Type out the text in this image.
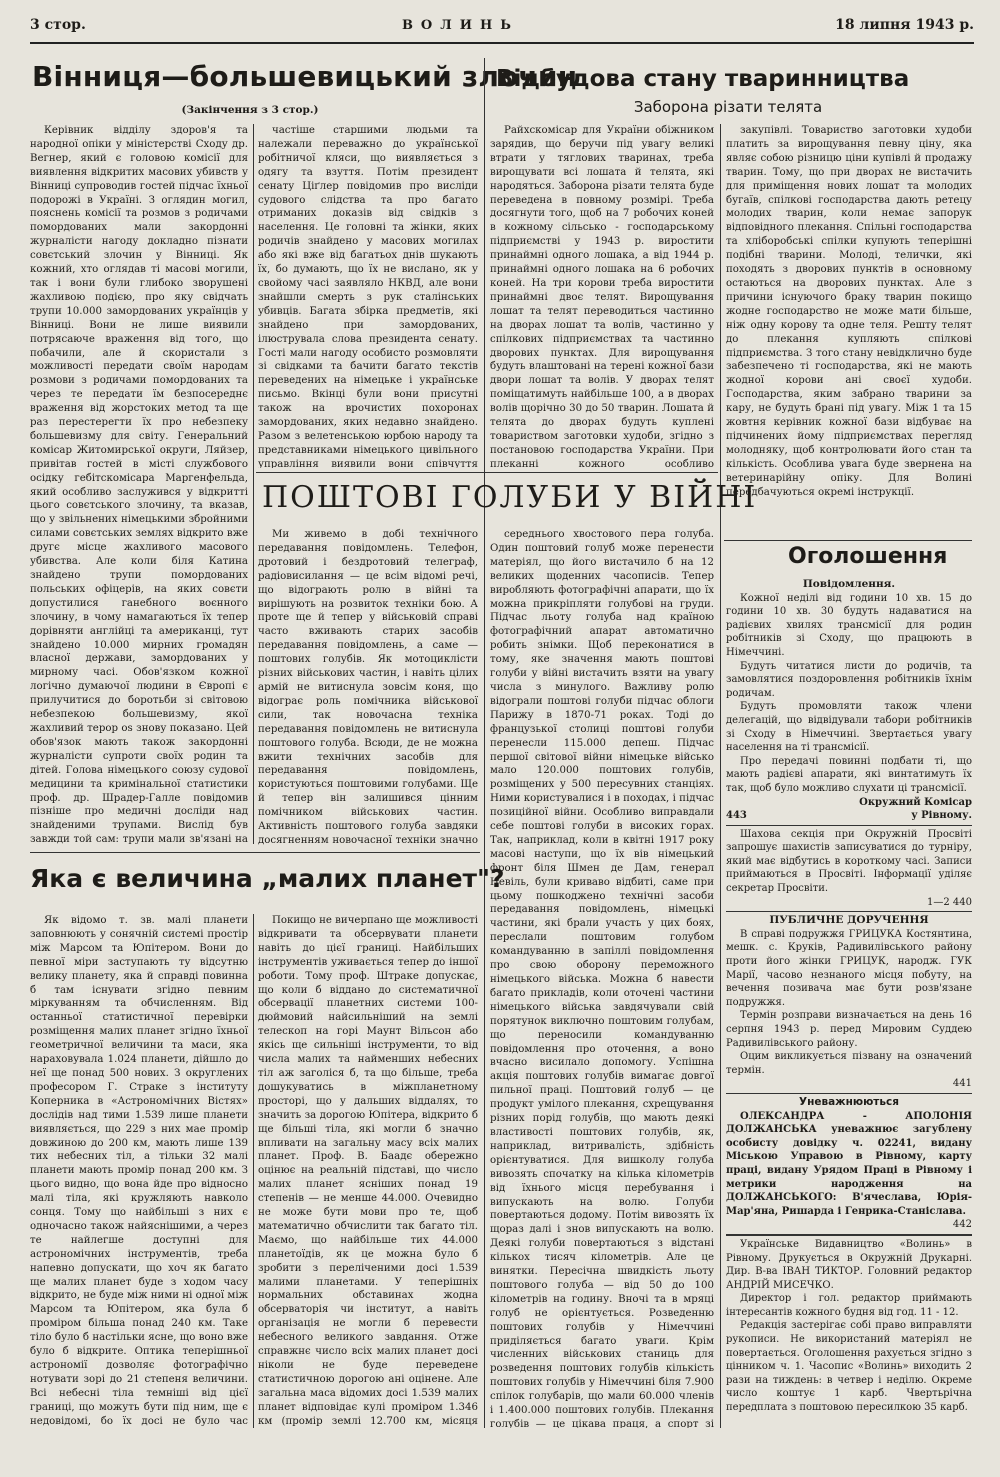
3 стор.	ВОЛИНЬ	18 липня 1943 р.
Вінниця—большевицький злочин
(Закінчення з 3 стор.)

Керівник відділу здоров'я та народної опіки у міністерстві Сходу др. Вегнер, який є головою комісії для виявлення відкритих масових убивств у Вінниці супроводив гостей підчас їхньої подорожі в Україні. З оглядин могил, пояснень комісії та розмов з родичами помордованих мали закордонні журналісти нагоду докладно пізнати совєтський злочин у Вінниці. Як кожний, хто оглядав ті масові могили, так і вони були глибоко зворушені жахливою подією, про яку свідчать трупи 10.000 замордованих українців у Вінниці. Вони не лише виявили потрясаюче враження від того, що побачили, але й скористали з можливості передати своїм народам розмови з родичами помордованих та через те передати їм безпосереднє враження від жорстоких метод та ще раз перестерегти їх про небезпеку большевизму для світу. Генеральний комісар Житомирської округи, Ляйзер, привітав гостей в місті службового осідку гебітскомісара Маргенфельда, який особливо заслужився у відкритті цього совєтського злочину, та вказав, що у звільнених німецькими збройними силами совєтських землях відкрито вже другє місце жахливого масового убивства. Але коли біля Катина знайдено трупи помордованих польських офіцерів, на яких совєти допустилися ганебного воєнного злочину, в чому намагаються їх тепер дорівняти англійці та американці, тут знайдено 10.000 мирних громадян власної держави, замордованих у мирному часі. Обов'язком кожної логічно думаючої людини в Європі є прилучитися до боротьби зі світовою небезпекою большевизму, якої жахливий терор os знову показано. Цей обов'язок мають також закордонні журналісти супроти своїх родин та дітей. Голова німецького союзу судової медицини та кримінальної статистики проф. др. Шрадер-Галле повідомив пізніше про медичні досліди над знайденими трупами. Вислід був завжди той сам: трупи мали зв'язані на

частіше старшими людьми та належали переважно до української робітничої кляси, що виявляється з одягу та взуття. Потім президент сенату Ціґлер повідомив про висліди судового слідства та про багато отриманих доказів від свідків з населення. Це головні та жінки, яких родичів знайдено у масових могилах або які вже від багатьох днів шукають їх, бо думають, що їх не вислано, як у свойому часі заявляло НКВД, але вони знайшли смерть з рук сталінських убивців. Багата збірка предметів, які знайдено при замордованих, ілюструвала слова президента сенату. Гості мали нагоду особисто розмовляти зі свідками та бачити багато текстів переведених на німецьке і українське письмо. Вкінці були вони присутні також на врочистих похоронах замордованих, яких недавно знайдено. Разом з велетенською юрбою народу та представниками німецького цивільного управління виявили вони співчуття

Відбудова стану тваринництва
Заборона різати телята

Райхскомісар для України обіжником зарядив, що беручи під увагу великі втрати у тяглових тваринах, треба вирощувати всі лошата й телята, які народяться. Заборона різати телята буде переведена в повному розмірі. Треба досягнути того, щоб на 7 робочих коней в кожному сільсько - господарському підприємстві у 1943 р. виростити принаймні одного лошака, а від 1944 р. принаймні одного лошака на 6 робочих коней. На три корови треба виростити принаймні двоє телят. Вирощування лошат та телят переводиться частинно на дворах лошат та волів, частинно у спілкових підприємствах та частинно дворових пунктах. Для вирощування будуть влаштовані на терені кожної бази двори лошат та волів. У дворах телят поміщатимуть найбільше 100, а в дворах волів щорічно 30 до 50 тварин. Лошата й телята до дворах будуть куплені товариством заготовки худоби, згідно з постановою господарства України. При плеканні кожного особливо

закупівлі. Товариство заготовки худоби платить за вирощування певну ціну, яка являє собою різницю ціни купівлі й продажу тварин. Тому, що при дворах не вистачить для приміщення нових лошат та молодих бугаїв, спілкові господарства дають ретецу молодих тварин, коли немає запорук відповідного плекання. Спільні господарства та хліборобські спілки купують теперішні подібні тварини. Молоді, телички, які походять з дворових пунктів в основному остаються на дворових пунктах. Але з причини існуючого браку тварин покищо жодне господарство не може мати більше, ніж одну корову та одне теля. Решту телят до плекання купляють спілкові підприємства. З того стану невідклично буде забезпечено ті господарства, які не мають жодної корови ані своєї худоби. Господарства, яким забрано тварини за кару, не будуть брані під увагу. Між 1 та 15 жовтня керівник кожної бази відбуває на підчинених йому підприємствах перегляд молодняку, щоб контролювати його стан та кількість. Особлива увага буде звернена на ветеринарійну опіку. Для Волині передбачуються окремі інструкції.

ПОШТОВІ ГОЛУБИ У ВІЙНІ

Ми живемо в добі технічного передавання повідомлень. Телефон, дротовий і бездротовий телеграф, радіовисилання — це всім відомі речі, що відограють ролю в війні та вирішують на розвиток техніки бою. А проте ще й тепер у військовій справі часто вживають старих засобів передавання повідомлень, а саме — поштових голубів. Як мотоциклісти різних військових частин, і навіть цілих армій не витиснула зовсім коня, що відограє роль помічника військової сили, так новочасна техніка передавання повідомлень не витиснула поштового голуба. Всюди, де не можна вжити технічних засобів для передавання повідомлень, користуються поштовими голубами. Ще й тепер він залишився цінним помічником військових частин. Активність поштового голуба завдяки досягненням новочасної техніки значно

середнього хвостового пера голуба. Один поштовий голуб може перенести матеріял, що його вистачило б на 12 великих щоденних часописів. Тепер виробляють фотографічні апарати, що їх можна прикріпляти голубові на груди. Підчас льоту голуба над країною фотографічний апарат автоматично робить знімки. Щоб переконатися в тому, яке значення мають поштові голуби у війні вистачить взяти на увагу числа з минулого. Важливу ролю відограли поштові голуби підчас облоги Парижу в 1870-71 роках. Тоді до французької столиці поштові голуби перенесли 115.000 депеш. Підчас першої світової війни німецьке військо мало 120.000 поштових голубів, розміщених у 500 пересувних станціях. Ними користувалися і в походах, і підчас позиційної війни. Особливо виправдали себе поштові голуби в високих горах. Так, наприклад, коли в квітні 1917 року масові наступи, що їх вів німецький фронт біля Шмен де Дам, генерал Невіль, були кривавo відбиті, саме при цьому пошкоджено технічні засоби передавання повідомлень, німецькі частини, які брали участь у цих боях, переслали поштовим голубом командуванню в запіллі повідомлення про свою оборону переможного німецького війська. Можна б навести багато прикладів, коли оточені частини німецького війська завдячували свій порятунок виключно поштовим голубам, що переносили командуванню повідомлення про оточення, а воно вчасно висилало допомогу. Успішна акція поштових голубів вимагає довгої пильної праці. Поштовий голуб — це продукт умілого плекання, схрещування різних порід голубів, що мають деякі властивості поштових голубів, як, наприклад, витривалість, здібність орієнтуватися. Для вишколу голуба вивозять спочатку на кілька кілометрів від їхнього місця перебування і випускають на волю. Голуби повертаються додому. Потім вивозять їх щораз далі і знов випускають на волю. Деякі голуби повертаються з відстані кількох тисяч кілометрів. Але це винятки. Пересічна швидкість льоту поштового голуба — від 50 до 100 кілометрів на годину. Вночі та в мряці голуб не орієнтується. Розведенню поштових голубів у Німеччині приділяється багато уваги. Крім численних військових станиць для розведення поштових голубів кількість поштових голубів у Німеччині біля 7.900 спілок голубарів, що мали 60.000 членів і 1.400.000 поштових голубів. Плекання голубів — це цікава праця, а спорт зі

Яка є величина „малих планет"?

Як відомо т. зв. малі планети заповнюють у сонячній системі простір між Марсом та Юпітером. Вони до певної міри заступають ту відсутню велику планету, яка й справді повинна б там існувати згідно певним міркуванням та обчисленням. Від останньої статистичної перевірки розміщення малих планет згідно їхньої геометричної величини та маси, яка нараховувала 1.024 планети, дійшло до неї ще понад 500 нових. З округлених професором Г. Страке з інституту Коперника в «Астрономічних Вістях» дослідів над тими 1.539 лише планети виявляється, що 229 з них мае промір довжиною до 200 км, мають лише 139 тих небесних тіл, а тільки 32 малі планети мають промір понад 200 км. З цього видно, що вона йде про відносно малі тіла, які кружляють навколо сонця. Тому що найбільші з них є одночасно також найяснішими, а через те найлегше доступні для астрономічних інструментів, треба напевно допускати, що хоч як багато ще малих планет буде з ходом часу відкрито, не буде між ними ні одної між Марсом та Юпітером, яка була б проміром більша понад 240 км. Таке тіло було б настільки ясне, що воно вже було б відкрите. Оптика теперішньої астрономії дозволяє фотографічно нотувати зорі до 21 степеня величини. Всі небесні тіла темніші від цієї границі, що можуть бути під ним, ще є недовідомі, бо їх досі не було час

Покищо не вичерпано ще можливості відкривати та обсервувати планети навіть до цієї границі. Найбільших інструментів уживається тепер до іншої роботи. Тому проф. Штраке допускає, що коли б віддано до систематичної обсервації планетних системи 100-дюймовий найсильніший на землі телескоп на горі Маунт Вільсон або якісь ще сильніші інструменти, то від числа малих та найменших небесних тіл аж заголіся б, та що більше, треба дошукуватись в міжпланетному просторі, що у дальших віддалях, то значить за дорогою Юпітера, відкрито б ще більші тіла, які могли б значно впливати на загальну масу всіх малих планет. Проф. В. Баадє обережно оцінює на реальній підставі, що число малих планет ясніших понад 19 степенів — не менше 44.000. Очевидно не може бути мови про те, щоб математично обчислити так багато тіл. Маємо, що найбільше тих 44.000 планетоїдів, як це можна було б зробити з переліченими досі 1.539 малими планетами. У теперішніх нормальних обставинах жодна обсерваторія чи інститут, а навіть організація не могли б перевести небесного великого завдання. Отже справжнє число всіх малих планет досі ніколи не буде переведене статистичною дорогою ані оцінене. Але загальна маса відомих досі 1.539 малих планет відповідає кулі проміром 1.346 км (промір землі 12.700 км, місяця

Оголошення

Повідомлення.

Кожної неділі від години 10 хв. 15 до години 10 хв. 30 будуть надаватися на радієвих хвилях трансмісії для родин робітників зі Сходу, що працюють в Німеччині.

Будуть читатися листи до родичів, та замовлятися поздоровлення робітників їхнім родичам.

Будуть промовляти також члени делегацій, що відвідували табори робітників зі Сходу в Німеччині. Звертається увагу населення на ті трансмісії.

Про передачі повинні подбати ті, що мають радієві апарати, які винтатимуть їх так, щоб було можливо слухати ці трансмісії.

Окружний Комісар

443	у Рівному.

Шахова секція при Окружній Просвіті запрошує шахистів записуватися до турніру, який має відбутись в короткому часі. Записи приймаються в Просвіті. Інформації уділяє секретар Просвіти.

1—2 440

ПУБЛИЧНЕ ДОРУЧЕННЯ

В справі подружжя ГРИЦУКА Костянтина, мешк. с. Круків, Радивилівського району проти його жінки ГРИЦУК, народж. ГУК Марії, часово незнаного місця побуту, на вечення позивача має бути розв'язане подружжя.

Термін розправи визначається на день 16 серпня 1943 р. перед Мировим Суддею Радивилівського району.

Оцим викликується пізвану на означений термін.

441

Уневажнюються

ОЛЕКСАНДРА - АПОЛОНІЯ ДОЛЖАНСЬКА уневажнює загублену особисту довідку ч. 02241, видану Міською Управою в Рівному, карту праці, видану Урядом Праці в Рівному і метрики народження на ДОЛЖАНСЬКОГО: В'ячеслава, Юрія-Мар'яна, Ришарда і Генрика-Станіслава.

442

Українське Видавництво «Волинь» в Рівному. Друкується в Окружній Друкарні. Дир. В-ва ІВАН ТИКТОР. Головний редактор АНДРІЙ МИСЕЧКО.

Директор і гол. редактор приймають інтересантів кожного будня від год. 11 - 12.

Редакція застерігає собі право виправляти рукописи. Не використаний матеріял не повертається. Оголошення рахується згідно з цінником ч. 1. Часопис «Волинь» виходить 2 рази на тиждень: в четвер і неділю. Окреме число коштує 1 карб. Чвертьрічна передплата з поштовою пересилкою 35 карб.
